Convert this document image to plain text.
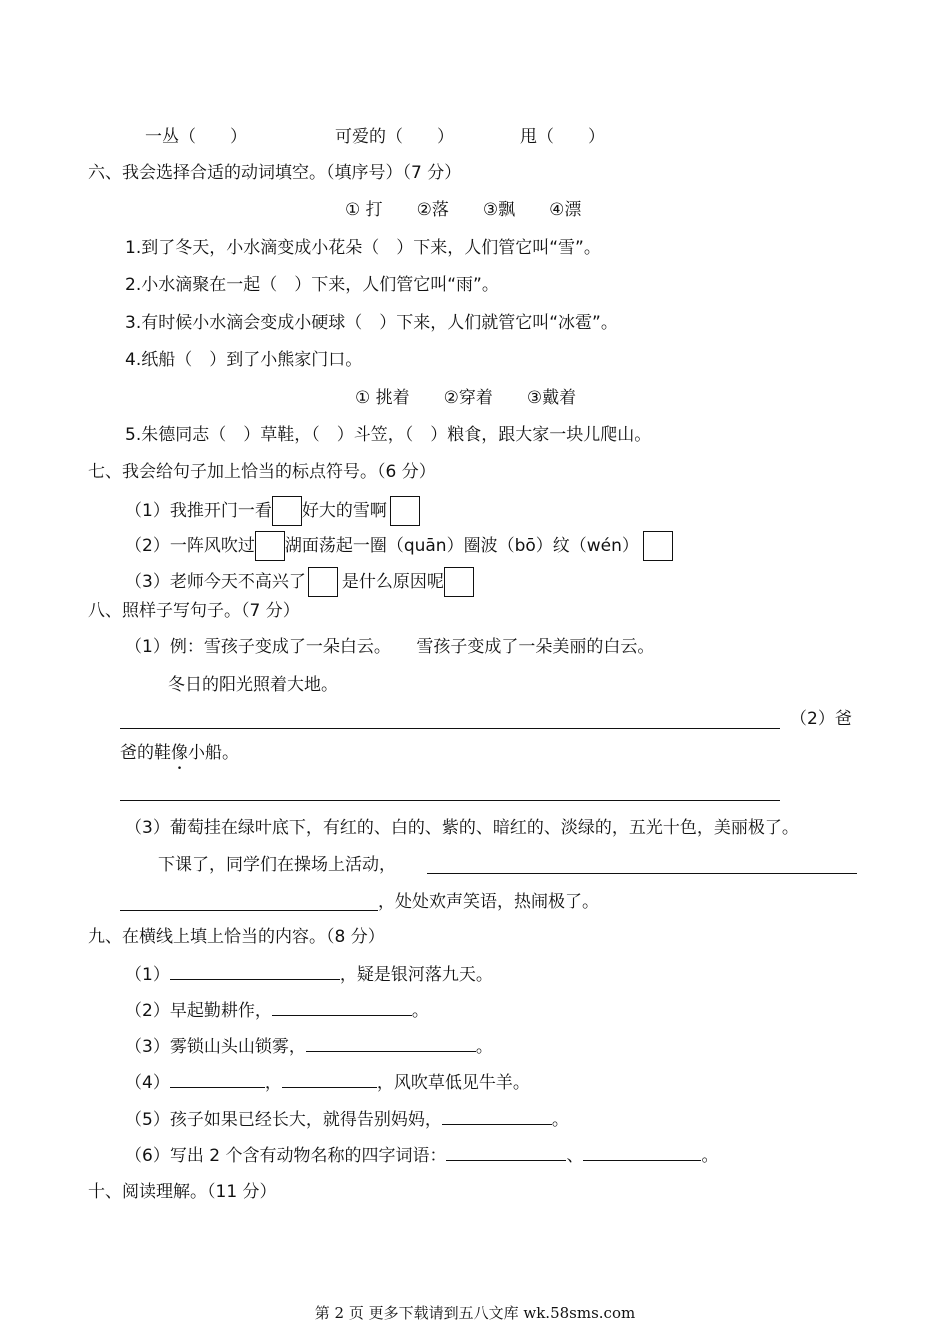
一丛（　　）	可爱的（　　）	甩（　　）
六、我会选择合适的动词填空。（填序号）（7 分）
① 打　　②落　　③飘　　④漂
1.到了冬天，小水滴变成小花朵（　）下来，人们管它叫“雪”。
2.小水滴聚在一起（　）下来，人们管它叫“雨”。
3.有时候小水滴会变成小硬球（　）下来，人们就管它叫“冰雹”。
4.纸船（　）到了小熊家门口。
① 挑着　　②穿着　　③戴着
5.朱德同志（　）草鞋，（　）斗笠，（　）粮食，跟大家一块儿爬山。
七、我会给句子加上恰当的标点符号。（6 分）
（1）我推开门一看 好大的雪啊
（2）一阵风吹过 湖面荡起一圈（quān）圈波（bō）纹（wén）
（3）老师今天不高兴了 是什么原因呢
八、照样子写句子。（7 分）
（1）例：雪孩子变成了一朵白云。　　雪孩子变成了一朵美丽的白云。
冬日的阳光照着大地。
（2）爸
爸的鞋像小船。
（3）葡萄挂在绿叶底下，有红的、白的、紫的、暗红的、淡绿的，五光十色，美丽极了。
下课了，同学们在操场上活动，
，处处欢声笑语，热闹极了。
九、在横线上填上恰当的内容。（8 分）
（1）	，疑是银河落九天。
（2）早起勤耕作，	。
（3）雾锁山头山锁雾，	。
（4）	，	，风吹草低见牛羊。
（5）孩子如果已经长大，就得告别妈妈，	。
（6）写出 2 个含有动物名称的四字词语：	、	。
十、阅读理解。（11 分）
第 2 页 更多下载请到五八文库 wk.58sms.com
